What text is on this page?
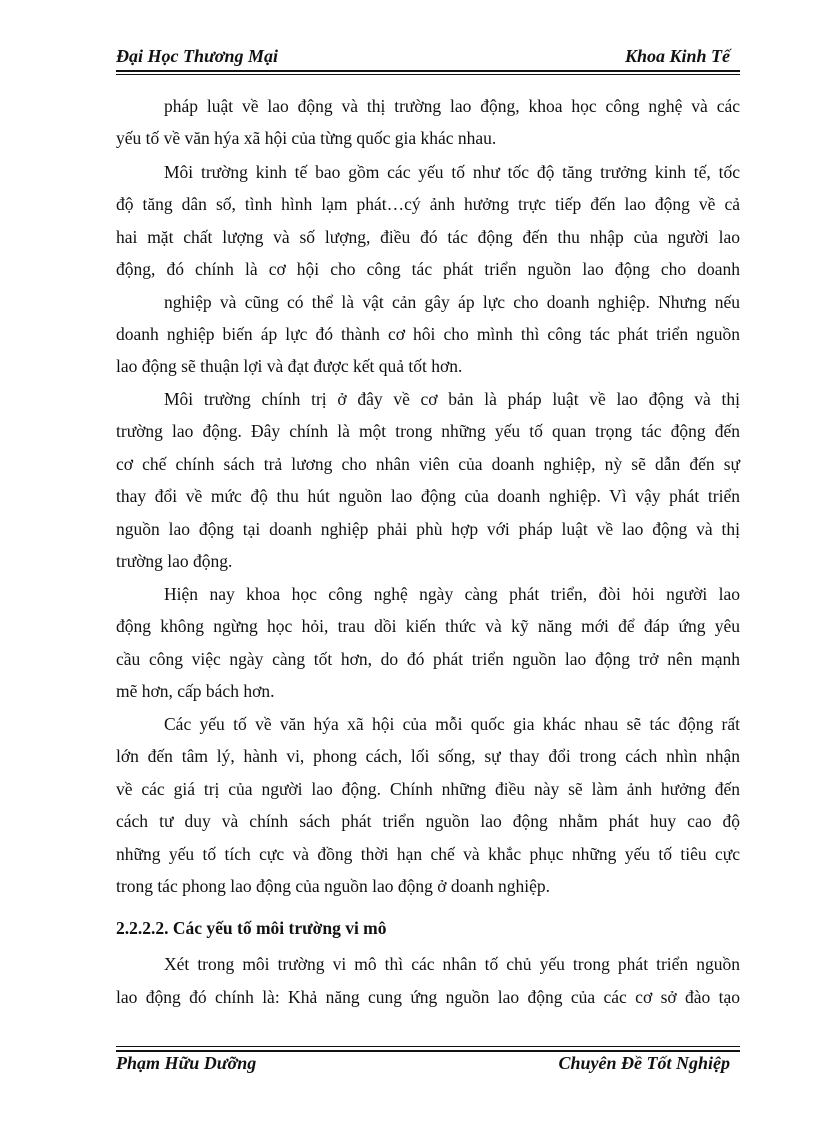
Đại Học Thương Mại	Khoa Kinh Tế
pháp luật về lao động và thị trường lao động, khoa học công nghệ và các
yếu tố về văn hýa xã hội của từng quốc gia khác nhau.
Môi trường kinh tế bao gồm các yếu tố như tốc độ tăng trưởng kinh tế, tốc
độ tăng dân số, tình hình lạm phát…cý ảnh hưởng trực tiếp đến lao động về cả
hai mặt chất lượng và số lượng, điều đó tác động đến thu nhập của người lao
động, đó chính là cơ hội cho công tác phát triển nguồn lao động cho doanh
nghiệp và cũng có thể là vật cản gây áp lực cho doanh nghiệp. Nhưng nếu
doanh nghiệp biến áp lực đó thành cơ hôi cho mình thì công tác phát triển nguồn
lao động sẽ thuận lợi và đạt được kết quả tốt hơn.
Môi trường chính trị ở đây về cơ bản là pháp luật về lao động và thị
trường lao động. Đây chính là một trong những yếu tố quan trọng tác động đến
cơ chế chính sách trả lương cho nhân viên của doanh nghiệp, nỳ sẽ dẫn đến sự
thay đổi về mức độ thu hút nguồn lao động của doanh nghiệp. Vì vậy phát triển
nguồn lao động tại doanh nghiệp phải phù hợp với pháp luật về lao động và thị
trường lao động.
Hiện nay khoa học công nghệ ngày càng phát triển, đòi hỏi người lao
động không ngừng học hỏi, trau dồi kiến thức và kỹ năng mới để đáp ứng yêu
cầu công việc ngày càng tốt hơn, do đó phát triển nguồn lao động trở nên mạnh
mẽ hơn, cấp bách hơn.
Các yếu tố về văn hýa xã hội của mỗi quốc gia khác nhau sẽ tác động rất
lớn đến tâm lý, hành vi, phong cách, lối sống, sự thay đổi trong cách nhìn nhận
về các giá trị của người lao động. Chính những điều này sẽ làm ảnh hưởng đến
cách tư duy và chính sách phát triển nguồn lao động nhằm phát huy cao độ
những yếu tố tích cực và đồng thời hạn chế và khắc phục những yếu tố tiêu cực
trong tác phong lao động của nguồn lao động ở doanh nghiệp.
2.2.2.2. Các yếu tố môi trường vi mô
Xét trong môi trường vi mô thì các nhân tố chủ yếu trong phát triển nguồn
lao động đó chính là: Khả năng cung ứng nguồn lao động của các cơ sở đào tạo
Phạm Hữu Dưỡng	Chuyên Đề Tốt Nghiệp
